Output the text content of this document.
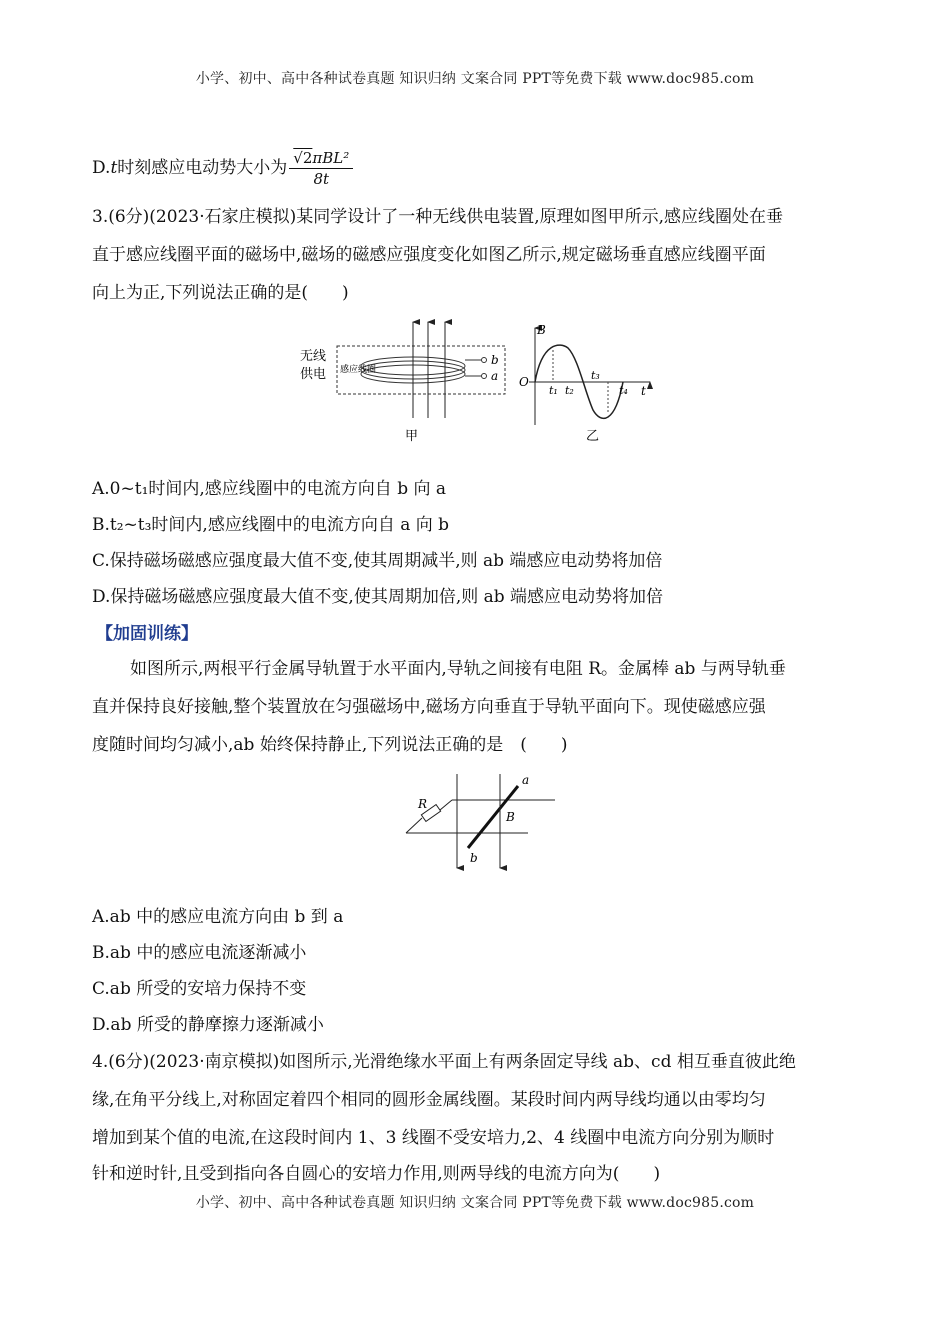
小学、初中、高中各种试卷真题 知识归纳 文案合同 PPT等免费下载 www.doc985.com
D.t时刻感应电动势大小为 $\frac{\text{√2πBL²}}{8t}$
3.(6分)(2023·石家庄模拟)某同学设计了一种无线供电装置,原理如图甲所示,感应线圈处在垂
直于感应线圈平面的磁场中,磁场的磁感应强度变化如图乙所示,规定磁场垂直感应线圈平面
向上为正,下列说法正确的是(　　)
无线
供电 感应线圈
b
a
甲
B
O
t
t₁ t₂
t₃
t₄
乙
A.0~t₁时间内,感应线圈中的电流方向自 b 向 a
B.t₂~t₃时间内,感应线圈中的电流方向自 a 向 b
C.保持磁场磁感应强度最大值不变,使其周期减半,则 ab 端感应电动势将加倍
D.保持磁场磁感应强度最大值不变,使其周期加倍,则 ab 端感应电动势将加倍
【加固训练】
如图所示,两根平行金属导轨置于水平面内,导轨之间接有电阻 R。金属棒 ab 与两导轨垂
直并保持良好接触,整个装置放在匀强磁场中,磁场方向垂直于导轨平面向下。现使磁感应强
度随时间均匀减小,ab 始终保持静止,下列说法正确的是　(　　)
R
a
b
B
A.ab 中的感应电流方向由 b 到 a
B.ab 中的感应电流逐渐减小
C.ab 所受的安培力保持不变
D.ab 所受的静摩擦力逐渐减小
4.(6分)(2023·南京模拟)如图所示,光滑绝缘水平面上有两条固定导线 ab、cd 相互垂直彼此绝
缘,在角平分线上,对称固定着四个相同的圆形金属线圈。某段时间内两导线均通以由零均匀
增加到某个值的电流,在这段时间内 1、3 线圈不受安培力,2、4 线圈中电流方向分别为顺时
针和逆时针,且受到指向各自圆心的安培力作用,则两导线的电流方向为(　　)
小学、初中、高中各种试卷真题 知识归纳 文案合同 PPT等免费下载 www.doc985.com
